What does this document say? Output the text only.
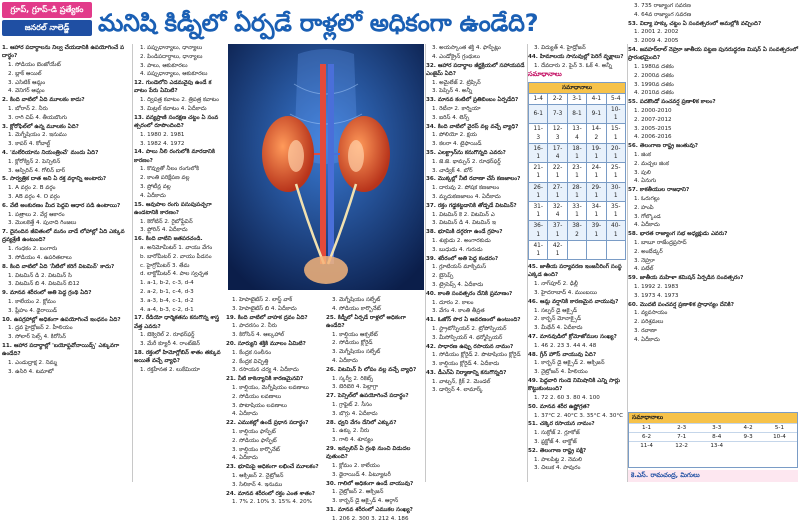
గ్రూప్, గ్రూప్-డి ప్రత్యేకం
జనరల్ నాలెడ్జ్	మనిషి కిడ్నీలో ఏర్పడే రాళ్లలో అధికంగా ఉండేది?

1. ఆహార పదార్థాలను నిల్వ చేయడానికి ఉపయోగించే పదార్థం?

1. సోడియం బెంజోయేట్

2. బ్లాక్ ఆయిల్

3. ఎసిటిక్ ఆమ్లం

4. వెనిగర్ ఆమ్లం

2. కింది వాటిలో ఏది మూలకం కాదు?

1. బోరాన్ 2. నీరు

3. రాగి చిప్ 4. తీయబొంగు

3. క్లోరోఫిల్‌లో ఉన్న మూలకం ఏది?

1. మెగ్నీషియం 2. ఇనుము

3. కాపర్ 4. కోబాల్ట్

4. 'మలేరియాను నియంత్రించే' మందు ఏది?

1. క్లోరోక్విన్ 2. పెన్సిలిన్

3. ఆస్పిరిన్ 4. గోలిన్ బార్

5. సార్వత్రిక దాత అని ఏ రక్త వర్గాన్ని అంటారు?

1. A వర్గం 2. B వర్గం

3. AB వర్గం 4. O వర్గం

6. వేటి అంకురణం మీద పెద్దవి ఆధార పడి ఉంటాయి?

1. పత్రాలు 2. వేర్ల ఆకారం

3. మొలకెత్తే 4. పునాది గింజలు

7. దైనందిన జీవితంలో మనం వాడే లోహాల్లో ఏది ఎక్కువ ద్రవ్యశ్రేణి ఉంటుంది?

1. గంధకం 2. బంగారు

3. సోడియం 4. ఉపరితలాలు

8. కింది వాటిలో ఏది 'నీటిలో కరిగే విటమిన్' కాదు?

1. విటమిన్ డి 2. విటమిన్ సి

3. విటమిన్ బి 4. విటమిన్ బి12

9. మానవ శరీరంలో అతి పెద్ద గ్రంథి ఏది?

1. కాలేయం 2. క్లోమం

3. ప్లీహం 4. థైరాయిడ్

10. ఉపగ్రహాల్లో అధికంగా ఉపయోగించే ఇంధనం ఏది?

1. ద్రవ హైడ్రోజన్ 2. హీలియం

3. సోలార్ సెల్స్ 4. కిరోసిన్

11. ఆహార పదార్థాల్లో 'బయోఫ్లవోనాయిడ్స్' ఎక్కువగా ఉండేది?

1. ఎండుద్రాక్ష 2. నిమ్మ

3. ఉసిరి 4. టమాటో

1. పప్పుధాన్యాలు, ధాన్యాలు

2. పిండిపదార్థాలు, ధాన్యాలు

3. పాలు, ఆకుకూరలు

4. పప్పుధాన్యాలు, ఆకుకూరలు

12. గుండెలోని ఎడమవైపు ఉండే కవాటం పేరు ఏమిటి?

1. ద్విపత్ర కవాటం 2. త్రిపత్ర కవాటం

3. మిట్రల్ కవాటం 4. ఏదీకాదు

13. వన్యప్రాణి సంరక్షణ చట్టం ఏ సంవత్సరంలో రూపొందింది?

1. 1980 2. 1981

3. 1982 4. 1972

14. పాలు నీలి రంగులోకి మారడానికి కారణం?

1. కొవ్వుతో నీలం రంగులోకి

2. కాంతి పరిక్షేపణ వల్ల

3. ప్రోటీన్ల వల్ల

4. ఏదీకాదు

15. ఆవుపాల రంగు పసుపుపచ్చగా ఉండటానికి కారణం?

1. కెరోటిన్ 2. రైబోఫ్లేవిన్

3. ఫ్లోరిన్ 4. ఏదీకాదు

16. కింది వాటిని జతపరచండి.

a. అనిమోమీటర్ 1. వాయు వేగం

b. బారోమీటర్ 2. వాయు పీడనం

c. హైగ్రోమీటర్ 3. తేమ

d. లాక్టోమీటర్ 4. పాల స్వచ్ఛత

1. a-1, b-2, c-3, d-4

2. a-2, b-1, c-4, d-3

3. a-3, b-4, c-1, d-2

4. a-4, b-3, c-2, d-1

17. రేడియో ధార్మికతను కనుగొన్న శాస్త్రవేత్త ఎవరు?

1. బెక్వెరెల్ 2. రూథర్‌ఫర్డ్

3. మేరీ క్యూరీ 4. రాంట్‌జెన్

18. రక్తంలో హిమోగ్లోబిన్ శాతం తక్కువ అయితే వచ్చే వ్యాధి?

1. రక్తహీనత 2. లుకేమియా

1. హెపాటైటిస్ 2. లాస్ట్ వాక్

3. హెపాటైటిస్ బి 4. ఏదీకాదు

19. కింది వాటిలో వాహక ద్రవం ఏది?

1. పాదరసం 2. నీరు

3. కిరోసిన్ 4. ఆల్కహాల్

20. సూర్యుని శక్తికి మూలం ఏమిటి?

1. కేంద్రక సంలీనం

2. కేంద్రక విచ్ఛిత్తి

3. రసాయన చర్య 4. ఏదీకాదు

21. నీటి కాఠిన్యానికి కారణమైనవి?

1. కాల్షియం, మెగ్నీషియం లవణాలు

2. సోడియం లవణాలు

3. పొటాషియం లవణాలు

4. ఏదీకాదు

22. ఎముకల్లో ఉండే ప్రధాన పదార్థం?

1. కాల్షియం ఫాస్ఫేట్

2. సోడియం ఫాస్ఫేట్

3. కాల్షియం కార్బొనేట్

4. ఏదీకాదు

23. భూమిపై అధికంగా లభించే మూలకం?

1. ఆక్సిజన్ 2. నైట్రోజన్

3. సిలికాన్ 4. ఇనుము

24. మానవ శరీరంలో రక్తం ఎంత శాతం?

1. 7% 2. 10% 3. 15% 4. 20%

3. మెగ్నీషియం సల్ఫేట్

4. సోడియం కార్బొనేట్

25. కిడ్నీలో ఏర్పడే రాళ్లలో అధికంగా ఉండేది?

1. కాల్షియం ఆక్సలేట్

2. సోడియం క్లోరైడ్

3. మెగ్నీషియం సల్ఫేట్

4. ఏదీకాదు

26. విటమిన్ సి లోపం వల్ల వచ్చే వ్యాధి?

1. స్కర్వీ 2. రికెట్స్

3. బెరిబెరి 4. పెల్లాగ్రా

27. పెన్సిల్‌లో ఉపయోగించే పదార్థం?

1. గ్రాఫైట్ 2. సీసం

3. బొగ్గు 4. ఏదీకాదు

28. ధ్వని వేగం దేనిలో ఎక్కువ?

1. ఉక్కు 2. నీరు

3. గాలి 4. శూన్యం

29. ఇన్సులిన్ ఏ గ్రంథి నుంచి విడుదలవుతుంది?

1. క్లోమం 2. కాలేయం

3. థైరాయిడ్ 4. పిట్యూటరీ

30. గాలిలో అధికంగా ఉండే వాయువు?

1. నైట్రోజన్ 2. ఆక్సిజన్

3. కార్బన్ డై ఆక్సైడ్ 4. ఆర్గాన్

31. మానవ శరీరంలో ఎముకల సంఖ్య?

1. 206 2. 300 3. 212 4. 186

3. అయస్కాంత శక్తి 4. ఫాస్ఫేట్లు

4. ఎండోక్రైన్ గ్రంథులు

32. ఆహార పదార్థాల జీర్ణక్రియలో సహాయపడే ఎంజైమ్ ఏది?

1. అమైలేజ్ 2. ట్రిప్సిన్

3. పెప్సిన్ 4. అన్నీ

33. మానవ కంటిలో ప్రతిబింబం ఏర్పడేది?

1. రెటీనా 2. కార్నియా

3. ఐరిస్ 4. లెన్స్

34. కింది వాటిలో వైరస్ వల్ల వచ్చే వ్యాధి?

1. పోలియో 2. క్షయ

3. కలరా 4. టైఫాయిడ్

35. ఎలక్ట్రాన్‌ను కనుగొన్నది ఎవరు?

1. జె.జె. థామ్సన్ 2. రూథర్‌ఫర్డ్

3. చాడ్విక్ 4. బోర్

36. మొక్కల్లో నీటి రవాణా చేసే కణజాలం?

1. దారువు 2. పోషక కణజాలం

3. మృదుకణజాలం 4. ఏదీకాదు

37. రక్తం గడ్డకట్టడానికి తోడ్పడే విటమిన్?

1. విటమిన్ కె 2. విటమిన్ ఎ

3. విటమిన్ డి 4. విటమిన్ ఇ

38. భూమికి దగ్గరగా ఉండే గ్రహం?

1. శుక్రుడు 2. అంగారకుడు

3. బుధుడు 4. గురుడు

39. శరీరంలో అతి పెద్ద కండరం?

1. గ్లూటియస్ మాక్సిమస్

2. బైసెప్స్

3. ట్రైసెప్స్ 4. ఏదీకాదు

40. కాంతి సంవత్సరం దేనికి ప్రమాణం?

1. దూరం 2. కాలం

3. వేగం 4. కాంతి తీవ్రత

41. ఓజోన్ పొర ఏ ఆవరణంలో ఉంటుంది?

1. స్ట్రాటోస్ఫియర్ 2. ట్రోపోస్ఫియర్

3. మీసోస్ఫియర్ 4. థర్మోస్ఫియర్

42. సాధారణ ఉప్పు రసాయన నామం?

1. సోడియం క్లోరైడ్ 2. పొటాషియం క్లోరైడ్

3. కాల్షియం క్లోరైడ్ 4. ఏదీకాదు

43. డీఎన్ఏ నిర్మాణాన్ని కనుగొన్నది?

1. వాట్సన్, క్రిక్ 2. మెండల్

3. డార్విన్ 4. లామార్క్

3. విద్యుత్ 4. హైడ్రోజన్

44. హిమాలయ సానువుల్లో పెరిగే వృక్షాలు?

1. దేవదారు 2. పైన్ 3. ఓక్ 4. అన్నీ

సమాధానాలు

సమాధానాలు				
1-4	2-2	3-1	4-1	5-4
6-1	7-3	8-1	9-1	10-1
11-3	12-3	13-4	14-2	15-1
16-1	17-4	18-1	19-1	20-1
21-1	22-1	23-1	24-1	25-1
26-1	27-1	28-1	29-1	30-1
31-1	32-4	33-1	34-1	35-1
36-1	37-1	38-2	39-1	40-1
41-1	42-1			

45. జాతీయ పర్యావరణ ఇంజనీరింగ్ సంస్థ ఎక్కడ ఉంది?

1. నాగ్‌పూర్ 2. ఢిల్లీ

3. హైదరాబాద్ 4. ముంబయి

46. ఆమ్ల వర్షానికి కారణమైన వాయువు?

1. సల్ఫర్ డై ఆక్సైడ్

2. కార్బన్ మోనాక్సైడ్

3. మీథేన్ 4. ఏదీకాదు

47. మానవుడిలో క్రోమోజోముల సంఖ్య?

1. 46 2. 23 3. 44 4. 48

48. గ్రీన్ హౌస్ వాయువు ఏది?

1. కార్బన్ డై ఆక్సైడ్ 2. ఆక్సిజన్

3. నైట్రోజన్ 4. హీలియం

49. పెద్దవారి గుండె నిమిషానికి ఎన్ని సార్లు కొట్టుకుంటుంది?

1. 72 2. 60 3. 80 4. 100

50. మానవ శరీర ఉష్ణోగ్రత?

1. 37°C 2. 40°C 3. 35°C 4. 30°C

51. చక్కెర రసాయన నామం?

1. సుక్రోజ్ 2. గ్లూకోజ్

3. ఫ్రక్టోజ్ 4. లాక్టోజ్

52. తెలంగాణ రాష్ట్ర పక్షి?

1. పాలపిట్ట 2. నెమలి

3. చిలుక 4. పావురం

3. 735 రాజ్యాంగ సవరణ

4. 64వ రాజ్యాంగ సవరణ

53. విద్యా హక్కు చట్టం ఏ సంవత్సరంలో అమల్లోకి వచ్చింది?

1. 2001 2. 2002

3. 2009 4. 2005

54. జవహర్‌లాల్ నెహ్రూ జాతీయ పట్టణ పునరుద్ధరణ మిషన్ ఏ సంవత్సరంలో ప్రారంభమైంది?

1. 1980వ దశకం

2. 2000వ దశకం

3. 1990వ దశకం

4. 2010వ దశకం

55. పదకొండో పంచవర్ష ప్రణాళిక కాలం?

1. 2000-2010

2. 2007-2012

3. 2005-2015

4. 2006-2016

56. తెలంగాణ రాష్ట్ర జంతువు?

1. జింక

2. మచ్చల జింక

3. పులి

4. ఏనుగు

57. కాకతీయుల రాజధాని?

1. ఓరుగల్లు

2. హంపి

3. గోల్కొండ

4. ఏదీకాదు

58. భారత రాజ్యాంగ సభ అధ్యక్షుడు ఎవరు?

1. బాబూ రాజేంద్రప్రసాద్

2. అంబేడ్కర్

3. నెహ్రూ

4. పటేల్

59. జాతీయ మహిళా కమిషన్ ఏర్పడిన సంవత్సరం?

1. 1992 2. 1983

3. 1973 4. 1973

60. మొదటి పంచవర్ష ప్రణాళిక ప్రాధాన్యం దేనికి?

1. వ్యవసాయం

2. పరిశ్రమలు

3. రవాణా

4. ఏదీకాదు

సమాధానాలు
1-1	2-3	3-3	4-2	5-1
6-2	7-1	8-4	9-3	10-4
11-4	12-2	13-4		
కె.ఎస్. రామచంద్ర, మిగులు
